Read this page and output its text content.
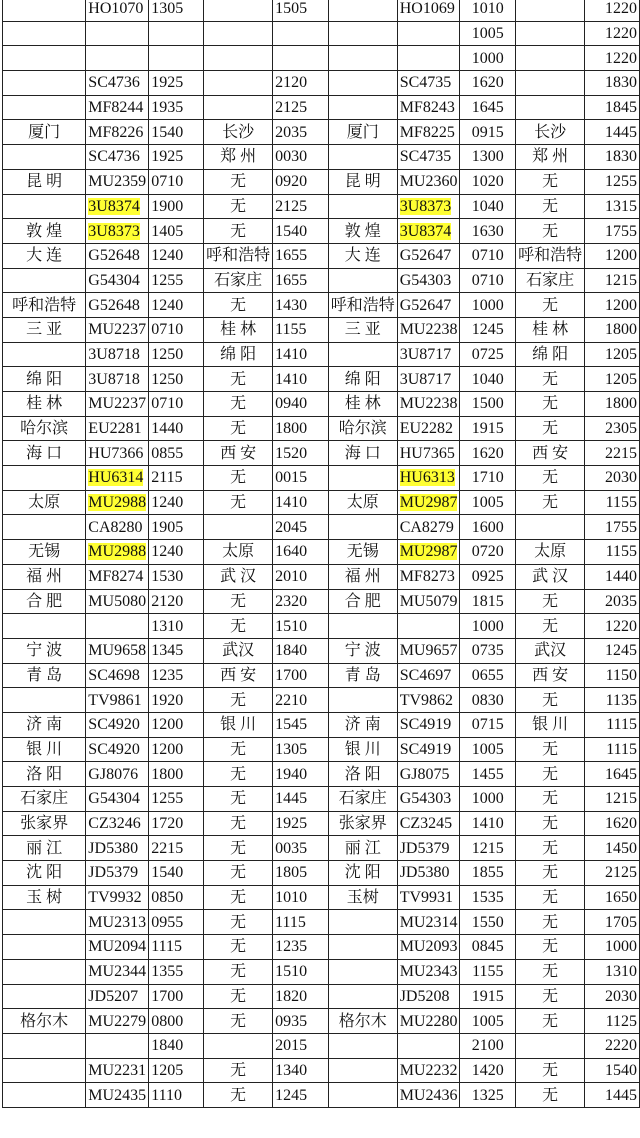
	HO1070	1305		1505		HO1069	1010		1220
							1005		1220
							1000		1220
	SC4736	1925		2120		SC4735	1620		1830
	MF8244	1935		2125		MF8243	1645		1845
厦门	MF8226	1540	长沙	2035	厦门	MF8225	0915	长沙	1445
	SC4736	1925	郑 州	0030		SC4735	1300	郑 州	1830
昆 明	MU2359	0710	无	0920	昆 明	MU2360	1020	无	1255
	3U8374	1900	无	2125		3U8373	1040	无	1315
敦 煌	3U8373	1405	无	1540	敦 煌	3U8374	1630	无	1755
大 连	G52648	1240	呼和浩特	1655	大 连	G52647	0710	呼和浩特	1200
	G54304	1255	石家庄	1655		G54303	0710	石家庄	1215
呼和浩特	G52648	1240	无	1430	呼和浩特	G52647	1000	无	1200
三 亚	MU2237	0710	桂 林	1155	三 亚	MU2238	1245	桂 林	1800
	3U8718	1250	绵 阳	1410		3U8717	0725	绵 阳	1205
绵 阳	3U8718	1250	无	1410	绵 阳	3U8717	1040	无	1205
桂 林	MU2237	0710	无	0940	桂 林	MU2238	1500	无	1800
哈尔滨	EU2281	1440	无	1800	哈尔滨	EU2282	1915	无	2305
海 口	HU7366	0855	西 安	1520	海 口	HU7365	1620	西 安	2215
	HU6314	2115	无	0015		HU6313	1710	无	2030
太原	MU2988	1240	无	1410	太原	MU2987	1005	无	1155
	CA8280	1905		2045		CA8279	1600		1755
无锡	MU2988	1240	太原	1640	无锡	MU2987	0720	太原	1155
福 州	MF8274	1530	武 汉	2010	福 州	MF8273	0925	武 汉	1440
合 肥	MU5080	2120	无	2320	合 肥	MU5079	1815	无	2035
		1310	无	1510			1000	无	1220
宁 波	MU9658	1345	武汉	1840	宁 波	MU9657	0735	武汉	1245
青 岛	SC4698	1235	西 安	1700	青 岛	SC4697	0655	西 安	1150
	TV9861	1920	无	2210		TV9862	0830	无	1135
济 南	SC4920	1200	银 川	1545	济 南	SC4919	0715	银 川	1115
银 川	SC4920	1200	无	1305	银 川	SC4919	1005	无	1115
洛 阳	GJ8076	1800	无	1940	洛 阳	GJ8075	1455	无	1645
石家庄	G54304	1255	无	1445	石家庄	G54303	1000	无	1215
张家界	CZ3246	1720	无	1925	张家界	CZ3245	1410	无	1620
丽 江	JD5380	2215	无	0035	丽 江	JD5379	1215	无	1450
沈 阳	JD5379	1540	无	1805	沈 阳	JD5380	1855	无	2125
玉 树	TV9932	0850	无	1010	玉树	TV9931	1535	无	1650
	MU2313	0955	无	1115		MU2314	1550	无	1705
	MU2094	1115	无	1235		MU2093	0845	无	1000
	MU2344	1355	无	1510		MU2343	1155	无	1310
	JD5207	1700	无	1820		JD5208	1915	无	2030
格尔木	MU2279	0800	无	0935	格尔木	MU2280	1005	无	1125
		1840		2015			2100		2220
	MU2231	1205	无	1340		MU2232	1420	无	1540
	MU2435	1110	无	1245		MU2436	1325	无	1445
